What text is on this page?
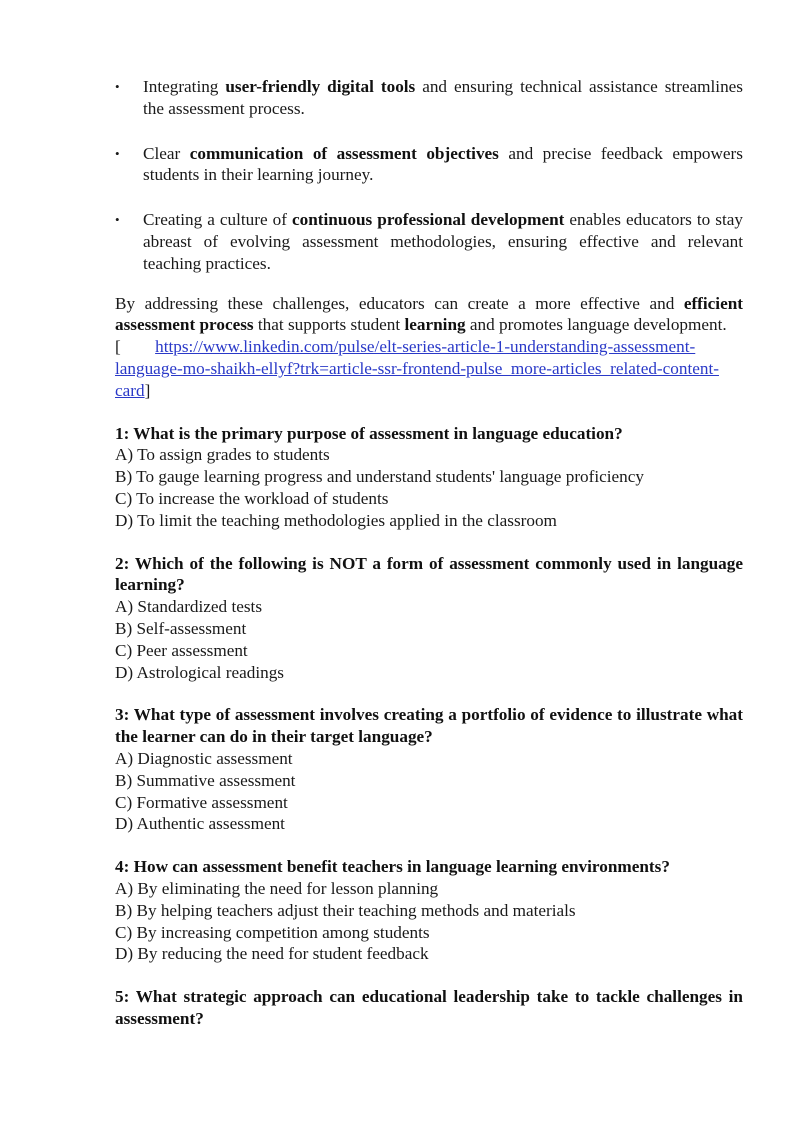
• Integrating user-friendly digital tools and ensuring technical assistance streamlines the assessment process.
• Clear communication of assessment objectives and precise feedback empowers students in their learning journey.
• Creating a culture of continuous professional development enables educators to stay abreast of evolving assessment methodologies, ensuring effective and relevant teaching practices.

By addressing these challenges, educators can create a more effective and efficient assessment process that supports student learning and promotes language development.

[ https://www.linkedin.com/pulse/elt-series-article-1-understanding-assessment-language-mo-shaikh-ellyf?trk=article-ssr-frontend-pulse_more-articles_related-content-card]

1: What is the primary purpose of assessment in language education?
A) To assign grades to students
B) To gauge learning progress and understand students' language proficiency
C) To increase the workload of students
D) To limit the teaching methodologies applied in the classroom
2: Which of the following is NOT a form of assessment commonly used in language learning?
A) Standardized tests
B) Self-assessment
C) Peer assessment
D) Astrological readings
3: What type of assessment involves creating a portfolio of evidence to illustrate what the learner can do in their target language?
A) Diagnostic assessment
B) Summative assessment
C) Formative assessment
D) Authentic assessment
4: How can assessment benefit teachers in language learning environments?
A) By eliminating the need for lesson planning
B) By helping teachers adjust their teaching methods and materials
C) By increasing competition among students
D) By reducing the need for student feedback
5: What strategic approach can educational leadership take to tackle challenges in assessment?
